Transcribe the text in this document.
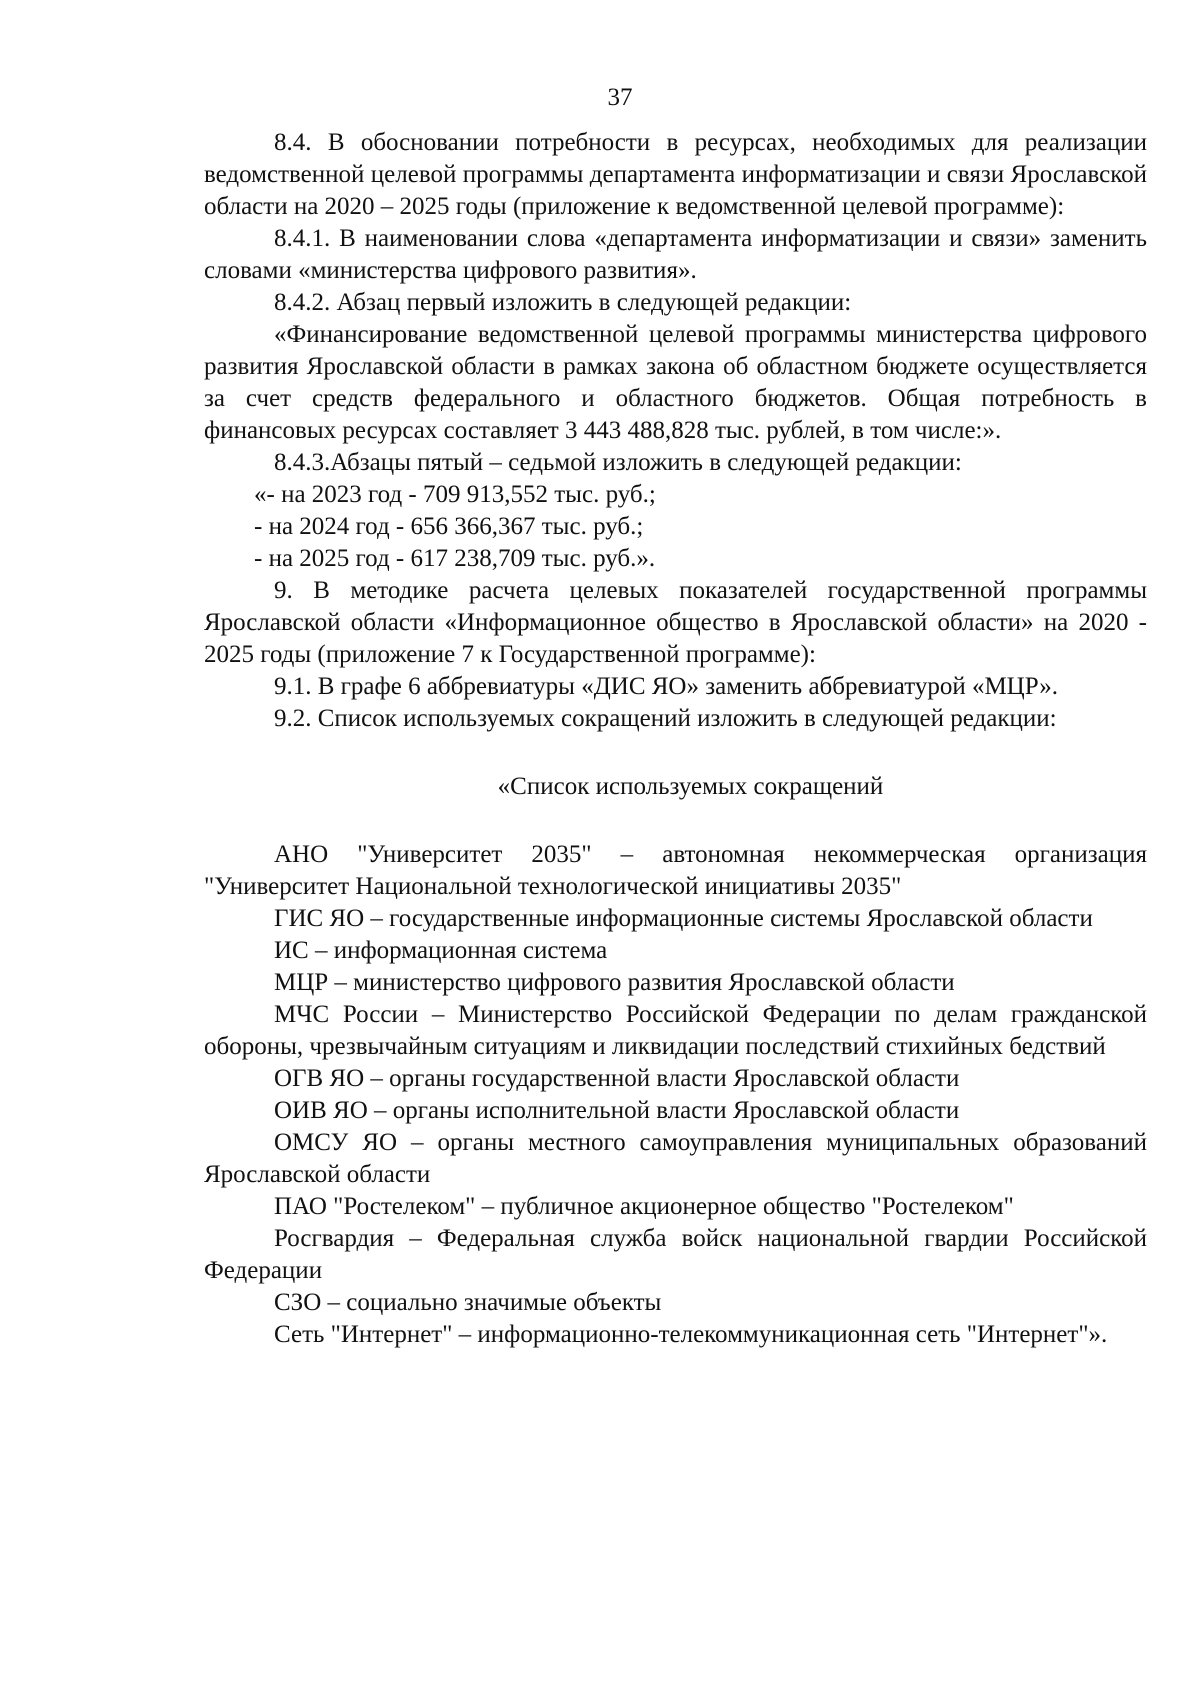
37

8.4. В обосновании потребности в ресурсах, необходимых для реализации ведомственной целевой программы департамента информатизации и связи Ярославской области на 2020 – 2025 годы (приложение к ведомственной целевой программе):

8.4.1. В наименовании слова «департамента информатизации и связи» заменить словами «министерства цифрового развития».

8.4.2. Абзац первый изложить в следующей редакции:

«Финансирование ведомственной целевой программы министерства цифрового развития Ярославской области в рамках закона об областном бюджете осуществляется за счет средств федерального и областного бюджетов. Общая потребность в финансовых ресурсах составляет 3 443 488,828 тыс. рублей, в том числе:».

8.4.3.Абзацы пятый – седьмой изложить в следующей редакции:

«- на 2023 год - 709 913,552 тыс. руб.;

- на 2024 год - 656 366,367 тыс. руб.;

- на 2025 год - 617 238,709 тыс. руб.».

9. В методике расчета целевых показателей государственной программы Ярославской области «Информационное общество в Ярославской области» на 2020 - 2025 годы (приложение 7 к Государственной программе):

9.1. В графе 6 аббревиатуры «ДИС ЯО» заменить аббревиатурой «МЦР».

9.2. Список используемых сокращений изложить в следующей редакции:

«Список используемых сокращений

АНО "Университет 2035" – автономная некоммерческая организация "Университет Национальной технологической инициативы 2035"

ГИС ЯО – государственные информационные системы Ярославской области

ИС – информационная система

МЦР – министерство цифрового развития Ярославской области

МЧС России – Министерство Российской Федерации по делам гражданской обороны, чрезвычайным ситуациям и ликвидации последствий стихийных бедствий

ОГВ ЯО – органы государственной власти Ярославской области

ОИВ ЯО – органы исполнительной власти Ярославской области

ОМСУ ЯО – органы местного самоуправления муниципальных образований Ярославской области

ПАО "Ростелеком" – публичное акционерное общество "Ростелеком"

Росгвардия – Федеральная служба войск национальной гвардии Российской Федерации

СЗО – социально значимые объекты

Сеть "Интернет" – информационно-телекоммуникационная сеть "Интернет"».
